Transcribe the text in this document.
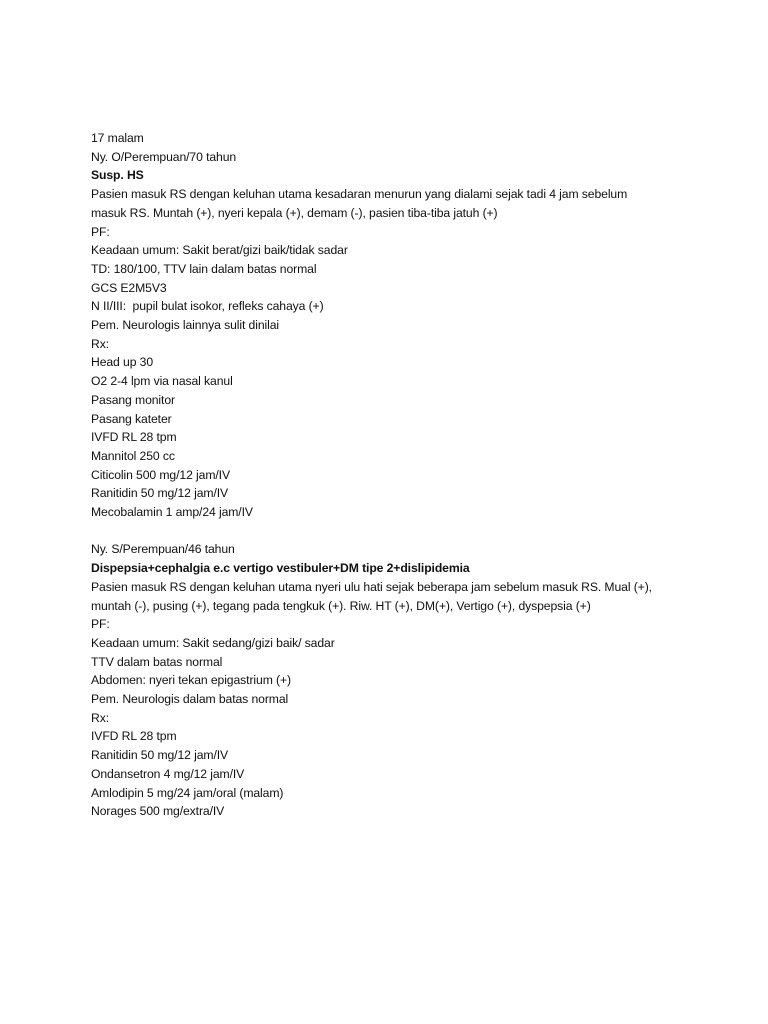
17 malam

Ny. O/Perempuan/70 tahun

Susp. HS

Pasien masuk RS dengan keluhan utama kesadaran menurun yang dialami sejak tadi 4 jam sebelum

masuk RS. Muntah (+), nyeri kepala (+), demam (-), pasien tiba-tiba jatuh (+)

PF:

Keadaan umum: Sakit berat/gizi baik/tidak sadar

TD: 180/100, TTV lain dalam batas normal

GCS E2M5V3

N II/III:  pupil bulat isokor, refleks cahaya (+)

Pem. Neurologis lainnya sulit dinilai

Rx:

Head up 30

O2 2-4 lpm via nasal kanul

Pasang monitor

Pasang kateter

IVFD RL 28 tpm

Mannitol 250 cc

Citicolin 500 mg/12 jam/IV

Ranitidin 50 mg/12 jam/IV

Mecobalamin 1 amp/24 jam/IV

Ny. S/Perempuan/46 tahun

Dispepsia+cephalgia e.c vertigo vestibuler+DM tipe 2+dislipidemia

Pasien masuk RS dengan keluhan utama nyeri ulu hati sejak beberapa jam sebelum masuk RS. Mual (+),

muntah (-), pusing (+), tegang pada tengkuk (+). Riw. HT (+), DM(+), Vertigo (+), dyspepsia (+)

PF:

Keadaan umum: Sakit sedang/gizi baik/ sadar

TTV dalam batas normal

Abdomen: nyeri tekan epigastrium (+)

Pem. Neurologis dalam batas normal

Rx:

IVFD RL 28 tpm

Ranitidin 50 mg/12 jam/IV

Ondansetron 4 mg/12 jam/IV

Amlodipin 5 mg/24 jam/oral (malam)

Norages 500 mg/extra/IV
